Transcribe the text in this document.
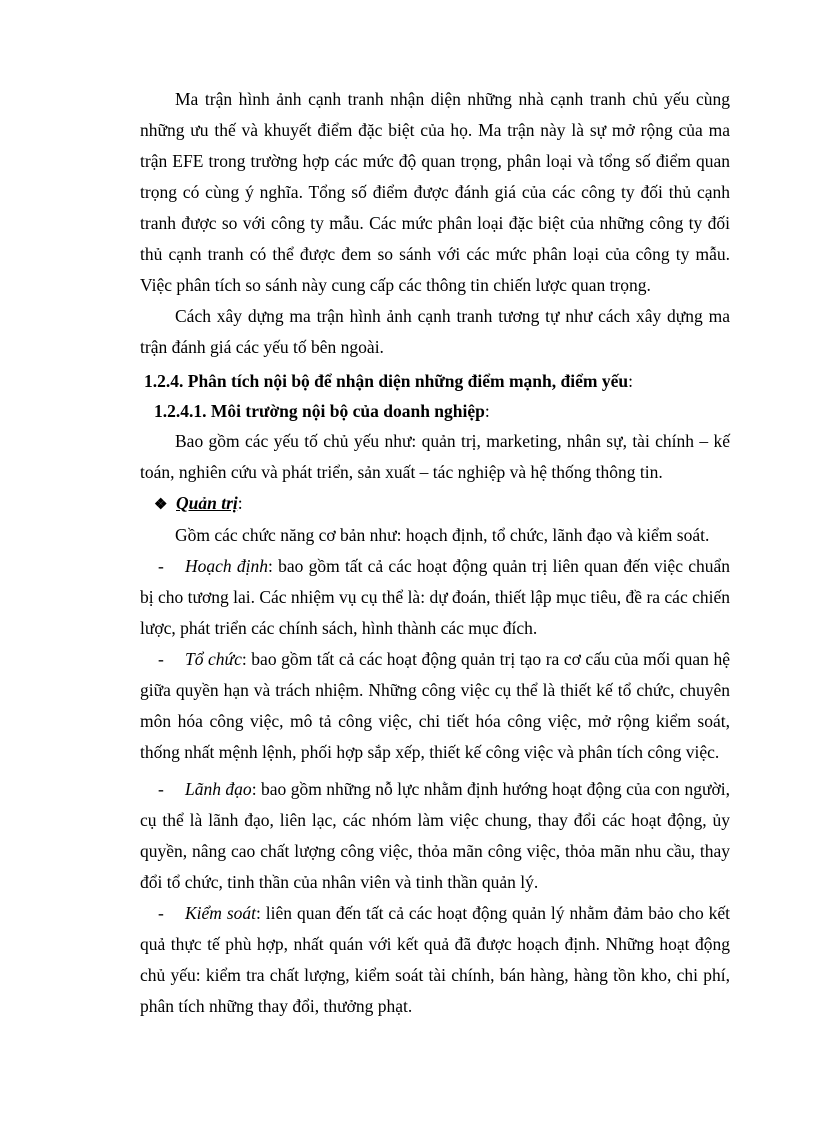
Ma trận hình ảnh cạnh tranh nhận diện những nhà cạnh tranh chủ yếu cùng những ưu thế và khuyết điểm đặc biệt của họ. Ma trận này là sự mở rộng của ma trận EFE trong trường hợp các mức độ quan trọng, phân loại và tổng số điểm quan trọng có cùng ý nghĩa. Tổng số điểm được đánh giá của các công ty đối thủ cạnh tranh được so với công ty mẫu. Các mức phân loại đặc biệt của những công ty đối thủ cạnh tranh có thể được đem so sánh với các mức phân loại của công ty mẫu. Việc phân tích so sánh này cung cấp các thông tin chiến lược quan trọng.

Cách xây dựng ma trận hình ảnh cạnh tranh tương tự như cách xây dựng ma trận đánh giá các yếu tố bên ngoài.

1.2.4. Phân tích nội bộ để nhận diện những điểm mạnh, điểm yếu:

1.2.4.1. Môi trường nội bộ của doanh nghiệp:

Bao gồm các yếu tố chủ yếu như: quản trị, marketing, nhân sự, tài chính – kế toán, nghiên cứu và phát triển, sản xuất – tác nghiệp và hệ thống thông tin.

❖ Quản trị:

Gồm các chức năng cơ bản như: hoạch định, tổ chức, lãnh đạo và kiểm soát.

- Hoạch định: bao gồm tất cả các hoạt động quản trị liên quan đến việc chuẩn bị cho tương lai. Các nhiệm vụ cụ thể là: dự đoán, thiết lập mục tiêu, đề ra các chiến lược, phát triển các chính sách, hình thành các mục đích.

- Tổ chức: bao gồm tất cả các hoạt động quản trị tạo ra cơ cấu của mối quan hệ giữa quyền hạn và trách nhiệm. Những công việc cụ thể là thiết kế tổ chức, chuyên môn hóa công việc, mô tả công việc, chi tiết hóa công việc, mở rộng kiểm soát, thống nhất mệnh lệnh, phối hợp sắp xếp, thiết kế công việc và phân tích công việc.

- Lãnh đạo: bao gồm những nỗ lực nhằm định hướng hoạt động của con người, cụ thể là lãnh đạo, liên lạc, các nhóm làm việc chung, thay đổi các hoạt động, ủy quyền, nâng cao chất lượng công việc, thỏa mãn công việc, thỏa mãn nhu cầu, thay đổi tổ chức, tinh thần của nhân viên và tinh thần quản lý.

- Kiểm soát: liên quan đến tất cả các hoạt động quản lý nhằm đảm bảo cho kết quả thực tế phù hợp, nhất quán với kết quả đã được hoạch định. Những hoạt động chủ yếu: kiểm tra chất lượng, kiểm soát tài chính, bán hàng, hàng tồn kho, chi phí, phân tích những thay đổi, thưởng phạt.
